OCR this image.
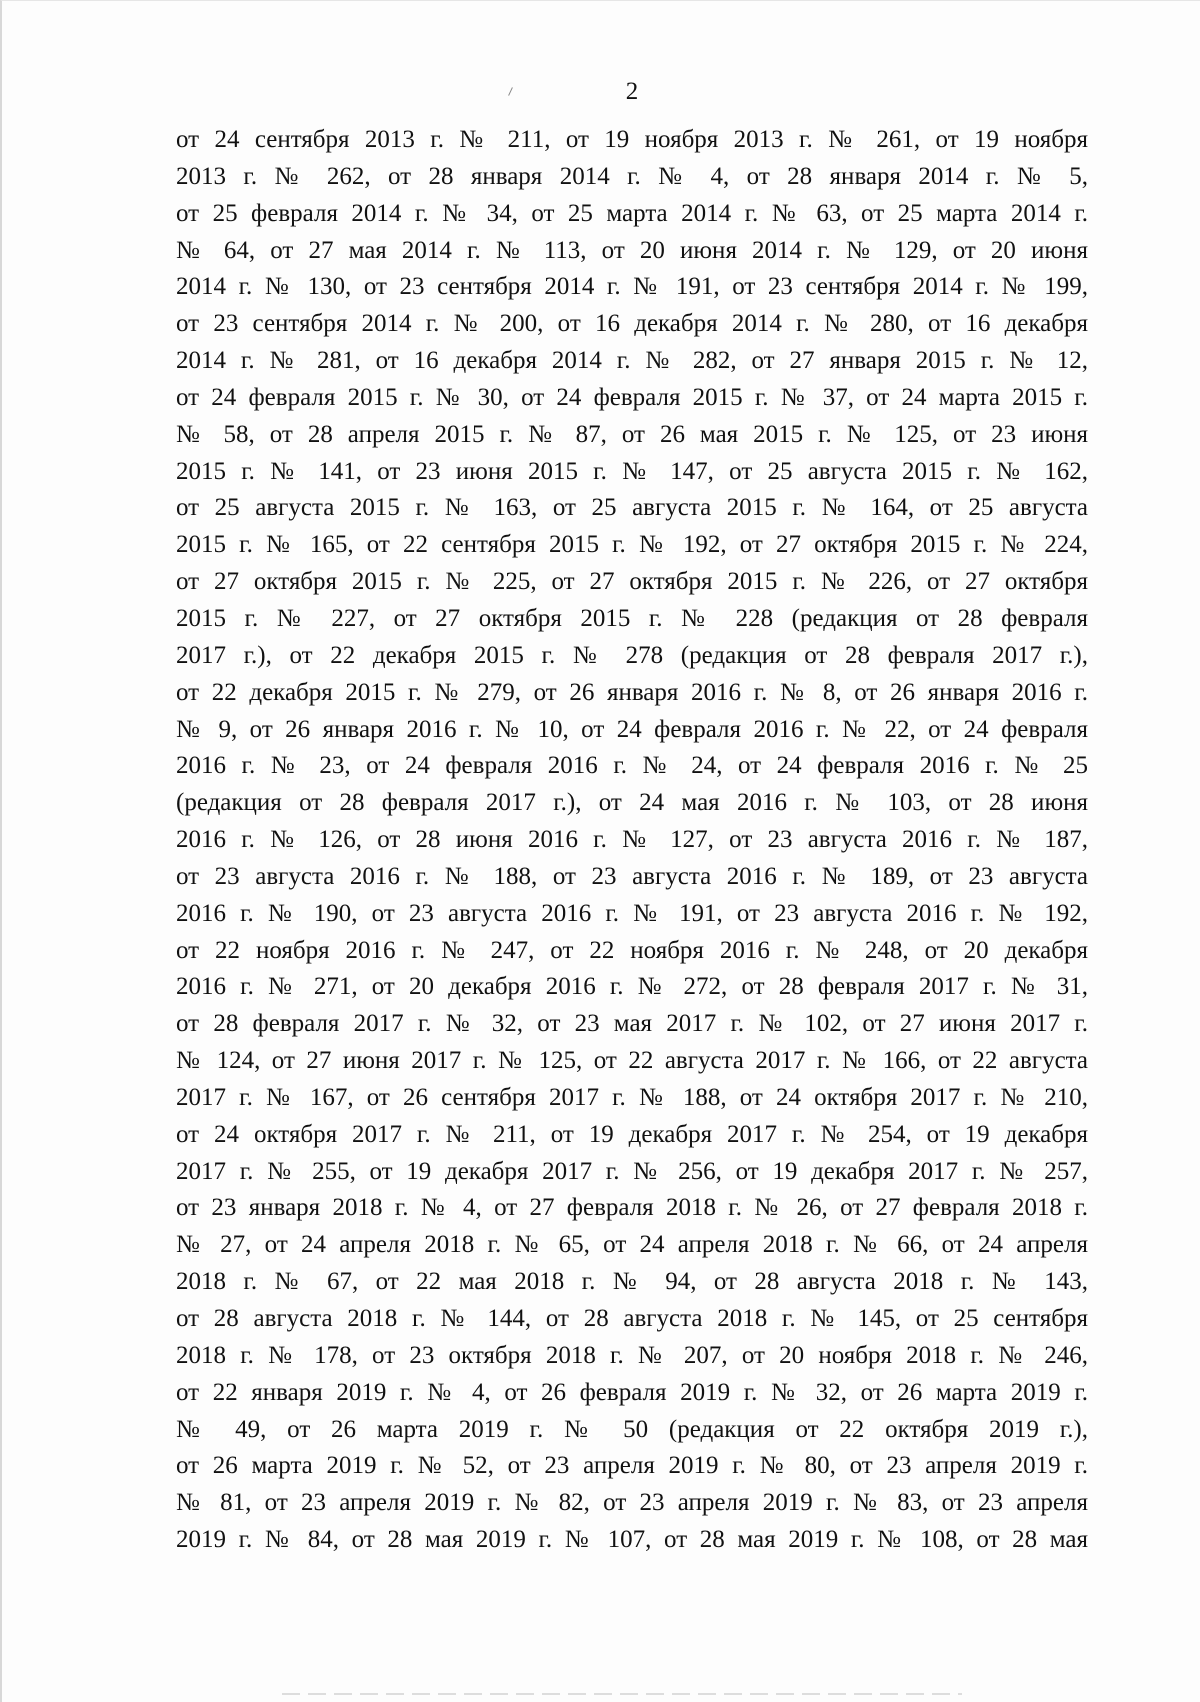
2
от 24 сентября 2013 г. № 211, от 19 ноября 2013 г. № 261, от 19 ноября
2013 г. № 262, от 28 января 2014 г. № 4, от 28 января 2014 г. № 5,
от 25 февраля 2014 г. № 34, от 25 марта 2014 г. № 63, от 25 марта 2014 г.
№ 64, от 27 мая 2014 г. № 113, от 20 июня 2014 г. № 129, от 20 июня
2014 г. № 130, от 23 сентября 2014 г. № 191, от 23 сентября 2014 г. № 199,
от 23 сентября 2014 г. № 200, от 16 декабря 2014 г. № 280, от 16 декабря
2014 г. № 281, от 16 декабря 2014 г. № 282, от 27 января 2015 г. № 12,
от 24 февраля 2015 г. № 30, от 24 февраля 2015 г. № 37, от 24 марта 2015 г.
№ 58, от 28 апреля 2015 г. № 87, от 26 мая 2015 г. № 125, от 23 июня
2015 г. № 141, от 23 июня 2015 г. № 147, от 25 августа 2015 г. № 162,
от 25 августа 2015 г. № 163, от 25 августа 2015 г. № 164, от 25 августа
2015 г. № 165, от 22 сентября 2015 г. № 192, от 27 октября 2015 г. № 224,
от 27 октября 2015 г. № 225, от 27 октября 2015 г. № 226, от 27 октября
2015 г. № 227, от 27 октября 2015 г. № 228 (редакция от 28 февраля
2017 г.), от 22 декабря 2015 г. № 278 (редакция от 28 февраля 2017 г.),
от 22 декабря 2015 г. № 279, от 26 января 2016 г. № 8, от 26 января 2016 г.
№ 9, от 26 января 2016 г. № 10, от 24 февраля 2016 г. № 22, от 24 февраля
2016 г. № 23, от 24 февраля 2016 г. № 24, от 24 февраля 2016 г. № 25
(редакция от 28 февраля 2017 г.), от 24 мая 2016 г. № 103, от 28 июня
2016 г. № 126, от 28 июня 2016 г. № 127, от 23 августа 2016 г. № 187,
от 23 августа 2016 г. № 188, от 23 августа 2016 г. № 189, от 23 августа
2016 г. № 190, от 23 августа 2016 г. № 191, от 23 августа 2016 г. № 192,
от 22 ноября 2016 г. № 247, от 22 ноября 2016 г. № 248, от 20 декабря
2016 г. № 271, от 20 декабря 2016 г. № 272, от 28 февраля 2017 г. № 31,
от 28 февраля 2017 г. № 32, от 23 мая 2017 г. № 102, от 27 июня 2017 г.
№ 124, от 27 июня 2017 г. № 125, от 22 августа 2017 г. № 166, от 22 августа
2017 г. № 167, от 26 сентября 2017 г. № 188, от 24 октября 2017 г. № 210,
от 24 октября 2017 г. № 211, от 19 декабря 2017 г. № 254, от 19 декабря
2017 г. № 255, от 19 декабря 2017 г. № 256, от 19 декабря 2017 г. № 257,
от 23 января 2018 г. № 4, от 27 февраля 2018 г. № 26, от 27 февраля 2018 г.
№ 27, от 24 апреля 2018 г. № 65, от 24 апреля 2018 г. № 66, от 24 апреля
2018 г. № 67, от 22 мая 2018 г. № 94, от 28 августа 2018 г. № 143,
от 28 августа 2018 г. № 144, от 28 августа 2018 г. № 145, от 25 сентября
2018 г. № 178, от 23 октября 2018 г. № 207, от 20 ноября 2018 г. № 246,
от 22 января 2019 г. № 4, от 26 февраля 2019 г. № 32, от 26 марта 2019 г.
№ 49, от 26 марта 2019 г. № 50 (редакция от 22 октября 2019 г.),
от 26 марта 2019 г. № 52, от 23 апреля 2019 г. № 80, от 23 апреля 2019 г.
№ 81, от 23 апреля 2019 г. № 82, от 23 апреля 2019 г. № 83, от 23 апреля
2019 г. № 84, от 28 мая 2019 г. № 107, от 28 мая 2019 г. № 108, от 28 мая
